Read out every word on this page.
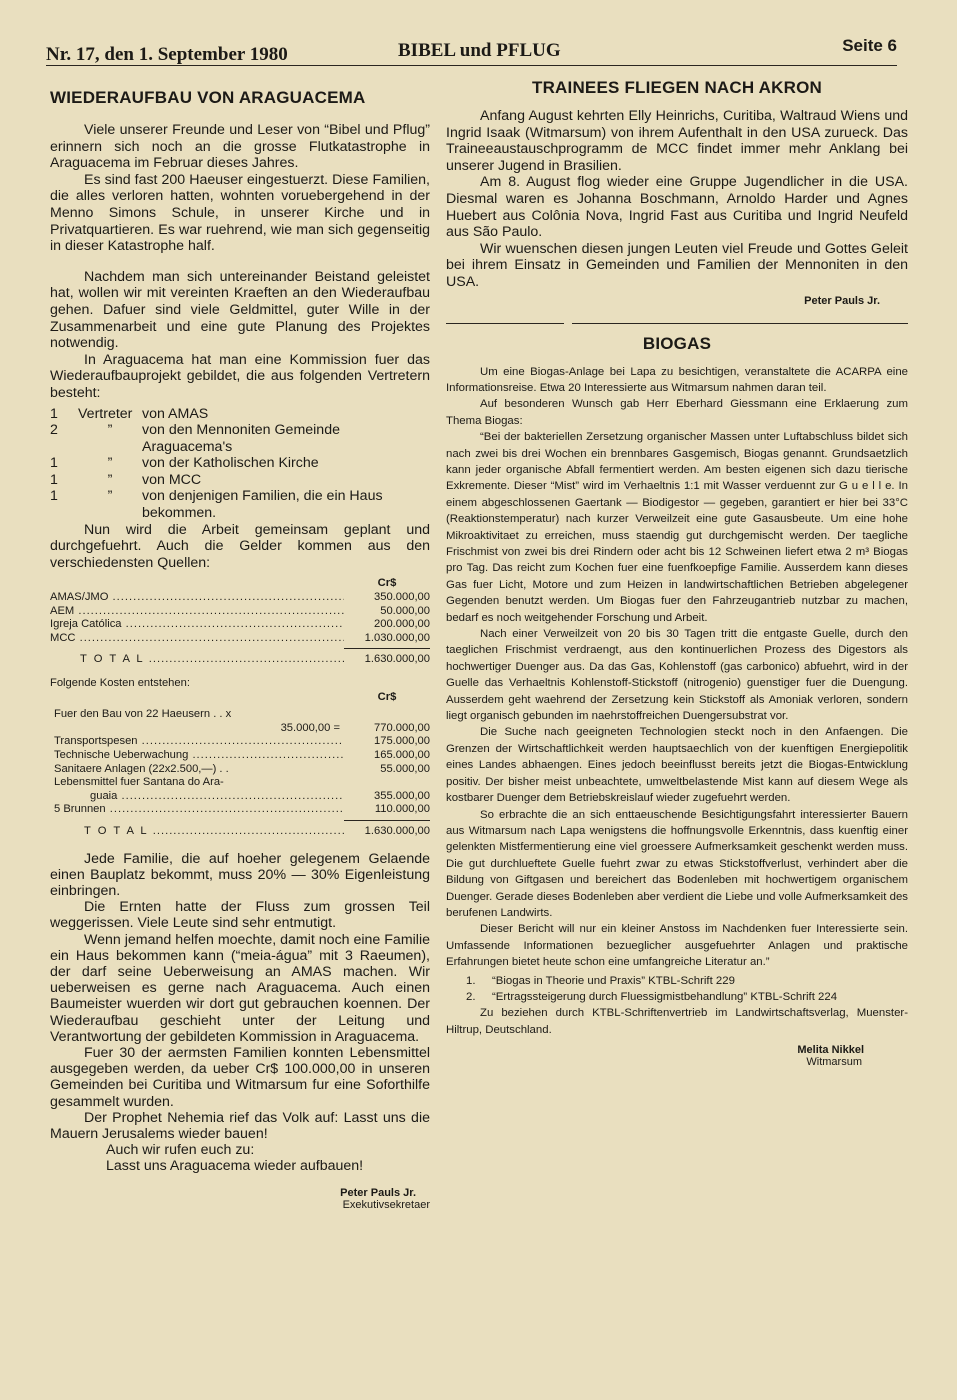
Nr. 17, den 1. September 1980	BIBEL und PFLUG	Seite 6
WIEDERAUFBAU VON ARAGUACEMA

Viele unserer Freunde und Leser von “Bibel und Pflug” erinnern sich noch an die grosse Flutkatastrophe in Araguacema im Februar dieses Jahres.

Es sind fast 200 Haeuser eingestuerzt. Diese Familien, die alles verloren hatten, wohnten voruebergehend in der Menno Simons Schule, in unserer Kirche und in Privatquartieren. Es war ruehrend, wie man sich gegenseitig in dieser Katastrophe half.

Nachdem man sich untereinander Beistand geleistet hat, wollen wir mit vereinten Kraeften an den Wiederaufbau gehen. Dafuer sind viele Geldmittel, guter Wille in der Zusammenarbeit und eine gute Planung des Projektes notwendig.

In Araguacema hat man eine Kommission fuer das Wiederaufbauprojekt gebildet, die aus folgenden Vertretern besteht:

1	Vertreter von AMAS
2	”	von den Mennoniten Gemeinde Araguacema's
1	”	von der Katholischen Kirche
1	”	von MCC
1	”	von denjenigen Familien, die ein Haus bekommen.

Nun wird die Arbeit gemeinsam geplant und durchgefuehrt. Auch die Gelder kommen aus den verschiedensten Quellen:

Cr$
AMAS/JMO .....	350.000,00
AEM .....	50.000,00
Igreja Católica .....	200.000,00
MCC .....	1.030.000,00
T O T A L .....	1.630.000,00
Folgende Kosten entstehen:
Cr$
Fuer den Bau von 22 Haeusern . . x
35.000,00 =	770.000,00
Transportspesen .....	175.000,00
Technische Ueberwachung .....	165.000,00
Sanitaere Anlagen (22x2.500,—) . .	55.000,00
Lebensmittel fuer Santana do Ara-
guaia .....	355.000,00
5 Brunnen .....	110.000,00
T O T A L .....	1.630.000,00

Jede Familie, die auf hoeher gelegenem Gelaende einen Bauplatz bekommt, muss 20% — 30% Eigenleistung einbringen.

Die Ernten hatte der Fluss zum grossen Teil weggerissen. Viele Leute sind sehr entmutigt.

Wenn jemand helfen moechte, damit noch eine Familie ein Haus bekommen kann (“meia-água” mit 3 Raeumen), der darf seine Ueberweisung an AMAS machen. Wir ueberweisen es gerne nach Araguacema. Auch einen Baumeister wuerden wir dort gut gebrauchen koennen. Der Wiederaufbau geschieht unter der Leitung und Verantwortung der gebildeten Kommission in Araguacema.

Fuer 30 der aermsten Familien konnten Lebensmittel ausgegeben werden, da ueber Cr$ 100.000,00 in unseren Gemeinden bei Curitiba und Witmarsum fur eine Soforthilfe gesammelt wurden.

Der Prophet Nehemia rief das Volk auf: Lasst uns die Mauern Jerusalems wieder bauen!

Auch wir rufen euch zu:

Lasst uns Araguacema wieder aufbauen!

Peter Pauls Jr.
Exekutivsekretaer
TRAINEES FLIEGEN NACH AKRON

Anfang August kehrten Elly Heinrichs, Curitiba, Waltraud Wiens und Ingrid Isaak (Witmarsum) von ihrem Aufenthalt in den USA zurueck. Das Traineeaustauschprogramm de MCC findet immer mehr Anklang bei unserer Jugend in Brasilien.

Am 8. August flog wieder eine Gruppe Jugendlicher in die USA. Diesmal waren es Johanna Boschmann, Arnoldo Harder und Agnes Huebert aus Colônia Nova, Ingrid Fast aus Curitiba und Ingrid Neufeld aus São Paulo.

Wir wuenschen diesen jungen Leuten viel Freude und Gottes Geleit bei ihrem Einsatz in Gemeinden und Familien der Mennoniten in den USA.

Peter Pauls Jr.
BIOGAS

Um eine Biogas-Anlage bei Lapa zu besichtigen, veranstaltete die ACARPA eine Informationsreise. Etwa 20 Interessierte aus Witmarsum nahmen daran teil.

Auf besonderen Wunsch gab Herr Eberhard Giessmann eine Erklaerung zum Thema Biogas:

“Bei der bakteriellen Zersetzung organischer Massen unter Luftabschluss bildet sich nach zwei bis drei Wochen ein brennbares Gasgemisch, Biogas genannt. Grundsaetzlich kann jeder organische Abfall fermentiert werden. Am besten eigenen sich dazu tierische Exkremente. Dieser “Mist” wird im Verhaeltnis 1:1 mit Wasser verduennt zur G u e l l e. In einem abgeschlossenen Gaertank — Biodigestor — gegeben, garantiert er hier bei 33°C (Reaktionstemperatur) nach kurzer Verweilzeit eine gute Gasausbeute. Um eine hohe Mikroaktivitaet zu erreichen, muss staendig gut durchgemischt werden. Der taegliche Frischmist von zwei bis drei Rindern oder acht bis 12 Schweinen liefert etwa 2 m³ Biogas pro Tag. Das reicht zum Kochen fuer eine fuenfkoepfige Familie. Ausserdem kann dieses Gas fuer Licht, Motore und zum Heizen in landwirtschaftlichen Betrieben abgelegener Gegenden benutzt werden. Um Biogas fuer den Fahrzeugantrieb nutzbar zu machen, bedarf es noch weitgehender Forschung und Arbeit.

Nach einer Verweilzeit von 20 bis 30 Tagen tritt die entgaste Guelle, durch den taeglichen Frischmist verdraengt, aus den kontinuerlichen Prozess des Digestors als hochwertiger Duenger aus. Da das Gas, Kohlenstoff (gas carbonico) abfuehrt, wird in der Guelle das Verhaeltnis Kohlenstoff-Stickstoff (nitrogenio) guenstiger fuer die Duengung. Ausserdem geht waehrend der Zersetzung kein Stickstoff als Amoniak verloren, sondern liegt organisch gebunden im naehrstoffreichen Duengersubstrat vor.

Die Suche nach geeigneten Technologien steckt noch in den Anfaengen. Die Grenzen der Wirtschaftlichkeit werden hauptsaechlich von der kuenftigen Energiepolitik eines Landes abhaengen. Eines jedoch beeinflusst bereits jetzt die Biogas-Entwicklung positiv. Der bisher meist unbeachtete, umweltbelastende Mist kann auf diesem Wege als kostbarer Duenger dem Betriebskreislauf wieder zugefuehrt werden.

So erbrachte die an sich enttaeuschende Besichtigungsfahrt interessierter Bauern aus Witmarsum nach Lapa wenigstens die hoffnungsvolle Erkenntnis, dass kuenftig einer gelenkten Mistfermentierung eine viel groessere Aufmerksamkeit geschenkt werden muss. Die gut durchlueftete Guelle fuehrt zwar zu etwas Stickstoffverlust, verhindert aber die Bildung von Giftgasen und bereichert das Bodenleben mit hochwertigem organischem Duenger. Gerade dieses Bodenleben aber verdient die Liebe und volle Aufmerksamkeit des berufenen Landwirts.

Dieser Bericht will nur ein kleiner Anstoss im Nachdenken fuer Interessierte sein. Umfassende Informationen bezueglicher ausgefuehrter Anlagen und praktische Erfahrungen bietet heute schon eine umfangreiche Literatur an.”

1.	“Biogas in Theorie und Praxis” KTBL-Schrift 229
2.	“Ertragssteigerung durch Fluessigmistbehandlung” KTBL-Schrift 224

Zu beziehen durch KTBL-Schriftenvertrieb im Landwirtschaftsverlag, Muenster-Hiltrup, Deutschland.

Melita Nikkel
Witmarsum
